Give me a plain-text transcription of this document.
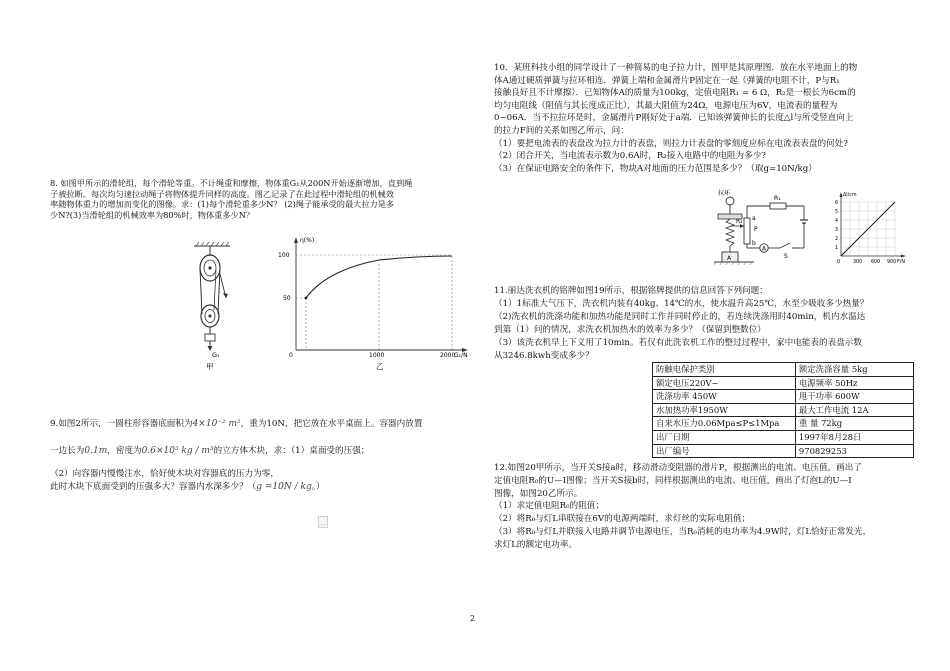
8. 如图甲所示的滑轮组，每个滑轮等重。不计绳重和摩擦，物体重G₁从200N开始逐渐增加，直到绳
子被拉断。每次均匀速拉动绳子将物体提升同样的高度。图乙记录了在此过程中滑轮组的机械效
率随物体重力的增加而变化的图像。求：(1)每个滑轮重多少N？ (2)绳子能承受的最大拉力是多
少N?(3)当滑轮组的机械效率为80%时，物体重多少N？
G₁
甲
η(%)
100
50
0	1000	2000
G₁/N
乙
9.如图2所示，一圆柱形容器底面积为4×10⁻² m²，重为10N，把它放在水平桌面上。容器内放置
一边长为0.1m，密度为0.6×10³ kg / m³的立方体木块，求：（1）桌面受的压强；
（2）向容器内慢慢注水，恰好使木块对容器底的压力为零，
此时木块下底面受到的压强多大？容器内水深多少？（g =10N / kg。）
10．某班科技小组的同学设计了一种简易的电子拉力计，图甲是其原理图．放在水平地面上的物
体A通过硬质弹簧与拉环相连．弹簧上端和金属滑片P固定在一起（弹簧的电阻不计，P与R₁
接触良好且不计摩擦）．已知物体A的质量为100kg，定值电阻R₁ = 6 Ω，R₂是一根长为6cm的
均匀电阻线（阻值与其长度成正比），其最大阻值为24Ω，电源电压为6V，电流表的量程为
0~06A．当不拉拉环是时，金属滑片P刚好处于a端．已知该弹簧伸长的长度△l与所受竖直向上
的拉力F间的关系如图乙所示，问：
（1）要把电流表的表盘改为拉力计的表盘，则拉力计表盘的零刻度应标在电流表表盘的何处?
（2）闭合开关，当电流表示数为0.6A时，R₂接入电路中的电阻为多少?
（3）在保证电路安全的条件下，物块A对地面的压力范围是多少？（取g=10N/kg）
拉环
A
R₂ a
b
P
R₁
A
S
Δl/cm
6
5
4
3
2
1
0	300 600 900 F/N
11.丽达洗衣机的铭牌如图19所示，根据铭牌提供的信息回答下列问题：
（1）1标准大气压下，洗衣机内装有40kg、14℃的水，使水温升高25℃，水至少吸收多少热量？
（2)洗衣机的洗涤功能和加热功能是同时工作并同时停止的，若连续洗涤用时40min，机内水温达
到第（1）问的情况，求洗衣机加热水的效率为多少？（保留到整数位）
（3）该洗衣机早上下义用了10min。若仅有此洗衣机工作的整过过程中，家中电能表的表盘示数
从3246.8kwh变成多少？
防触电保护类别	额定洗涤容量 5kg
额定电压220V~	电源频率 50Hz
洗涤功率 450W	甩干功率 600W
水加热功率1950W	最大工作电流 12A
自来水压力0.06Mpa≤P≤1Mpa	重 量 72kg
出厂日期	1997年8月28日
出厂编号	970829253
12.如图20甲所示，当开关S接a时，移动滑动变阻器的滑片P，根据测出的电流、电压值，画出了
定值电阻R₀的U—I图像；当开关S接b时，同样根据测出的电流、电压值，画出了灯泡L的U—I
图像，如图20乙所示。
（1）求定值电阻R₀的阻值；
（2）将R₀与灯L串联接在6V的电源两端时，求灯丝的实际电阻值；
（3）将R₀与灯L并联接入电路并调节电源电压，当R₀消耗的电功率为4.9W时，灯L恰好正常发光，
求灯L的额定电功率。
2
